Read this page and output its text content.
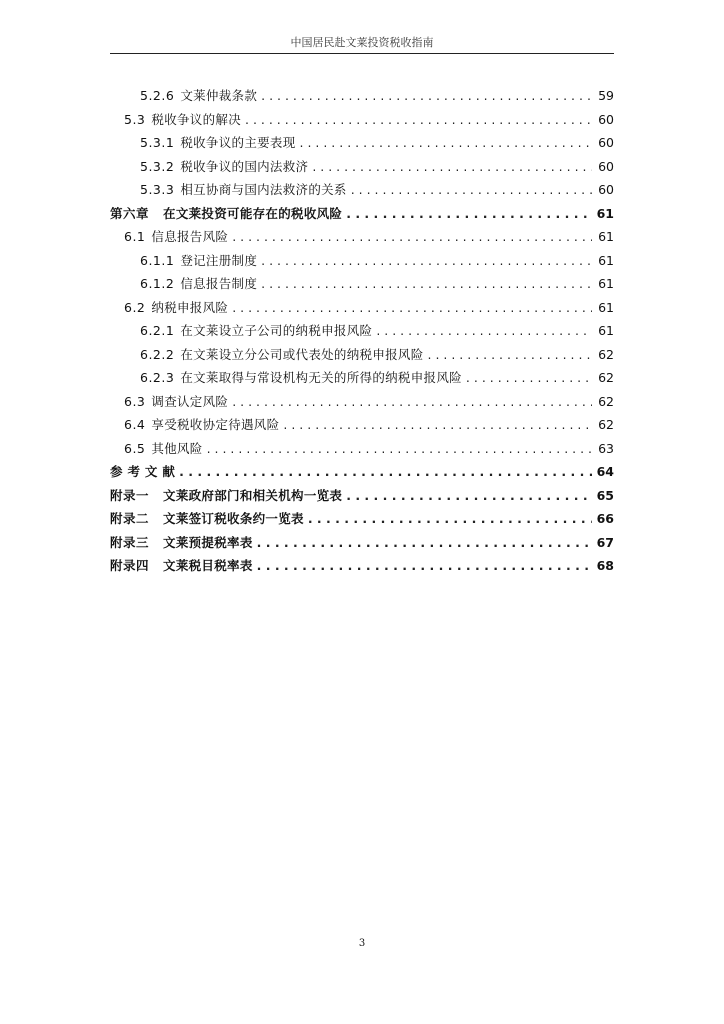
中国居民赴文莱投资税收指南
5.2.6 文莱仲裁条款 . . .	59
5.3 税收争议的解决 . . .	60
5.3.1 税收争议的主要表现 . . .	60
5.3.2 税收争议的国内法救济 . . .	60
5.3.3 相互协商与国内法救济的关系 . . .	60
第六章 在文莱投资可能存在的税收风险 . . .	61
6.1 信息报告风险 . . .	61
6.1.1 登记注册制度 . . .	61
6.1.2 信息报告制度 . . .	61
6.2 纳税申报风险 . . .	61
6.2.1 在文莱设立子公司的纳税申报风险 . . .	61
6.2.2 在文莱设立分公司或代表处的纳税申报风险 . . .	62
6.2.3 在文莱取得与常设机构无关的所得的纳税申报风险 . . .	62
6.3 调查认定风险 . . .	62
6.4 享受税收协定待遇风险 . . .	62
6.5 其他风险 . . .	63
参 考 文 献 . . .	64
附录一 文莱政府部门和相关机构一览表 . . .	65
附录二 文莱签订税收条约一览表 . . .	66
附录三 文莱预提税率表 . . .	67
附录四 文莱税目税率表 . . .	68
3
